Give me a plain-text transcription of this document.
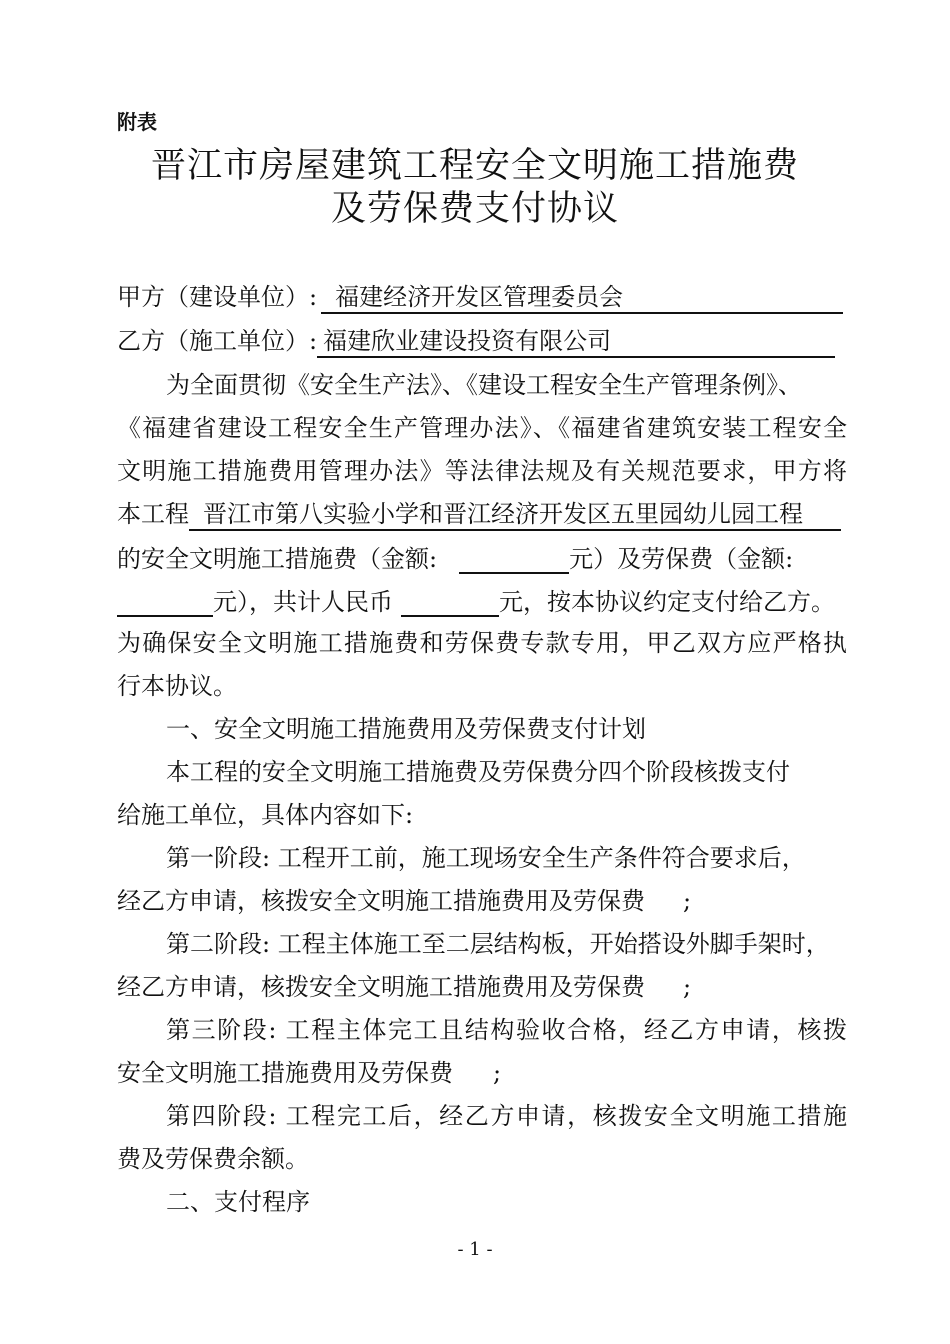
附表
晋江市房屋建筑工程安全文明施工措施费
及劳保费支付协议
甲方（建设单位）: 福建经济开发区管理委员会
乙方（施工单位）: 福建欣业建设投资有限公司
为全面贯彻《安全生产法》、《建设工程安全生产管理条例》、
《福建省建设工程安全生产管理办法》、《福建省建筑安装工程安全
文明施工措施费用管理办法》等法律法规及有关规范要求，甲方将
本工程 晋江市第八实验小学和晋江经济开发区五里园幼儿园工程
的安全文明施工措施费（金额:	元）及劳保费（金额:
元），共计人民币	元，按本协议约定支付给乙方。
为确保安全文明施工措施费和劳保费专款专用，甲乙双方应严格执
行本协议。
一、安全文明施工措施费用及劳保费支付计划
本工程的安全文明施工措施费及劳保费分四个阶段核拨支付
给施工单位，具体内容如下:
第一阶段: 工程开工前，施工现场安全生产条件符合要求后，
经乙方申请，核拨安全文明施工措施费用及劳保费 ;
第二阶段: 工程主体施工至二层结构板，开始搭设外脚手架时，
经乙方申请，核拨安全文明施工措施费用及劳保费 ;
第三阶段: 工程主体完工且结构验收合格，经乙方申请，核拨
安全文明施工措施费用及劳保费 ;
第四阶段: 工程完工后，经乙方申请，核拨安全文明施工措施
费及劳保费余额。
二、支付程序
- 1 -
